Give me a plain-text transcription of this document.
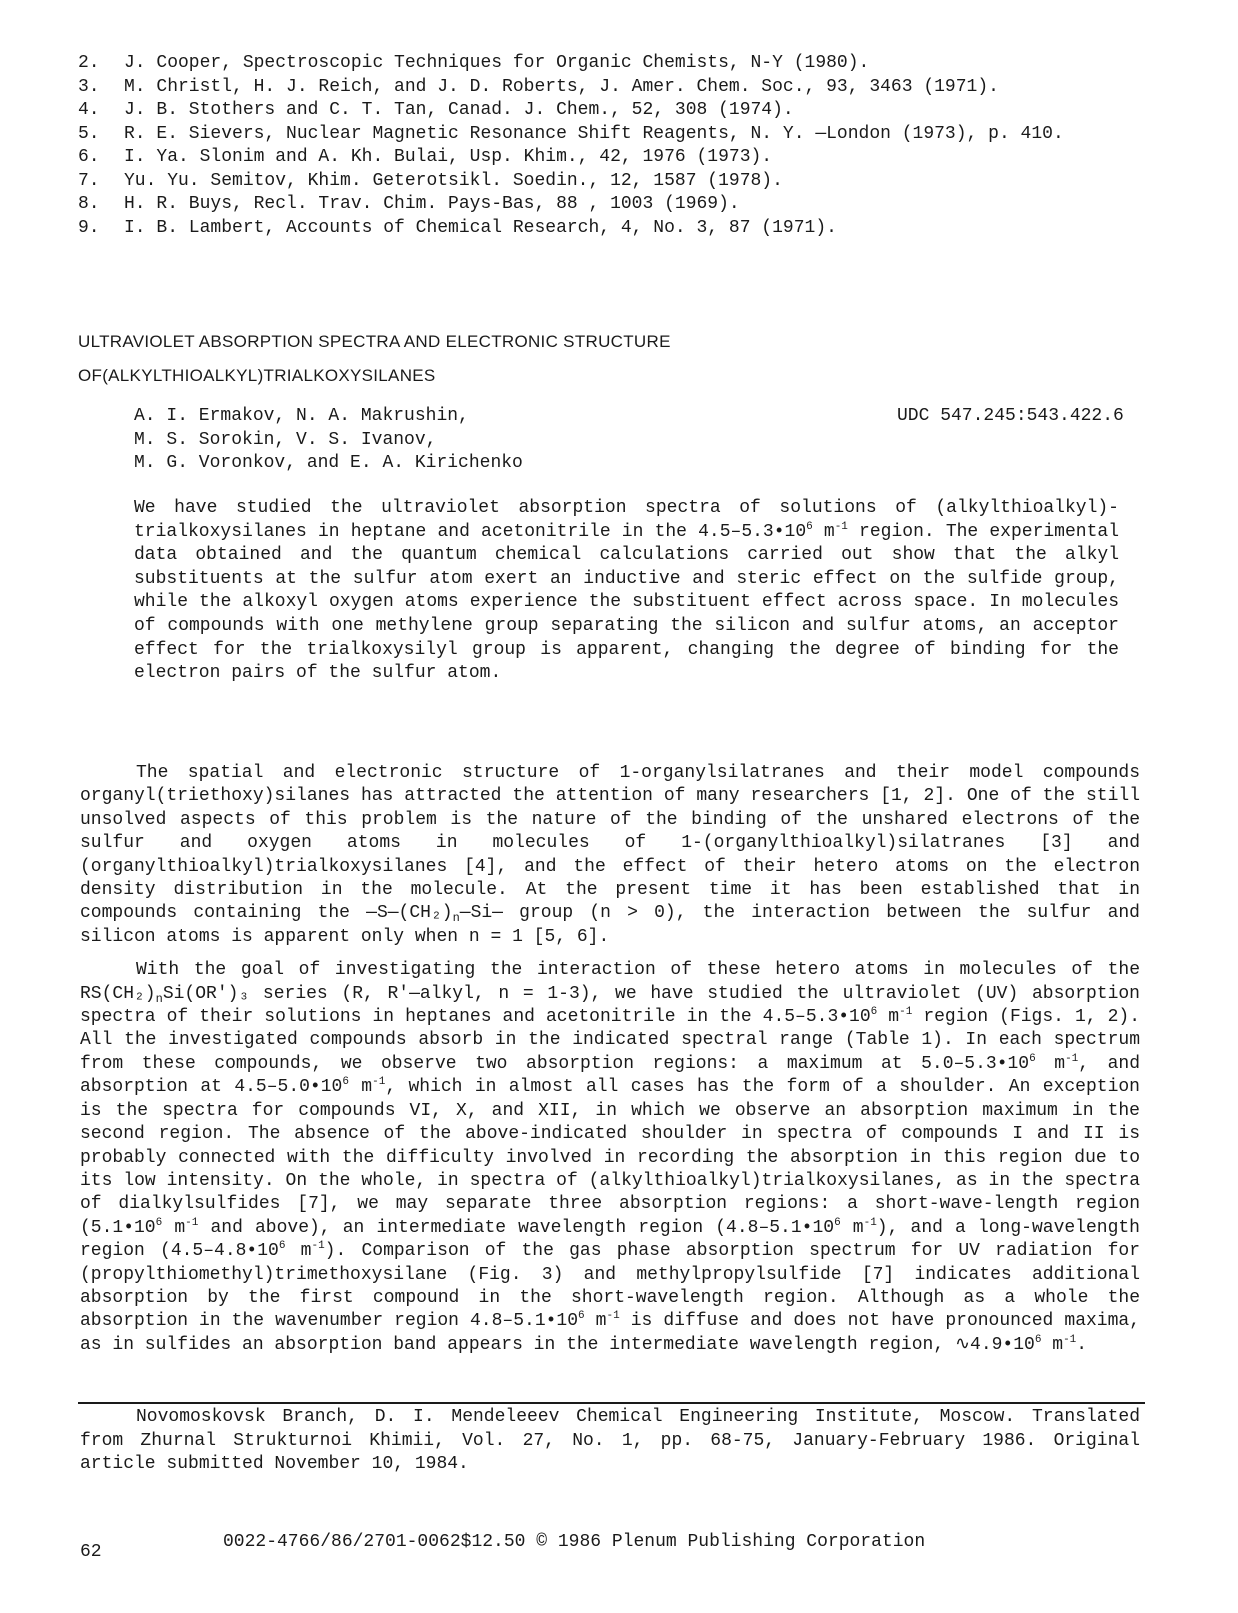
2.	J. Cooper, Spectroscopic Techniques for Organic Chemists, N-Y (1980).
3.	M. Christl, H. J. Reich, and J. D. Roberts, J. Amer. Chem. Soc., 93, 3463 (1971).
4.	J. B. Stothers and C. T. Tan, Canad. J. Chem., 52, 308 (1974).
5.	R. E. Sievers, Nuclear Magnetic Resonance Shift Reagents, N. Y. —London (1973), p. 410.
6.	I. Ya. Slonim and A. Kh. Bulai, Usp. Khim., 42, 1976 (1973).
7.	Yu. Yu. Semitov, Khim. Geterotsikl. Soedin., 12, 1587 (1978).
8.	H. R. Buys, Recl. Trav. Chim. Pays-Bas, 88 , 1003 (1969).
9.	I. B. Lambert, Accounts of Chemical Research, 4, No. 3, 87 (1971).
ULTRAVIOLET ABSORPTION SPECTRA AND ELECTRONIC STRUCTURE
OF(ALKYLTHIOALKYL)TRIALKOXYSILANES
A. I. Ermakov, N. A. Makrushin,
M. S. Sorokin, V. S. Ivanov,
M. G. Voronkov, and E. A. Kirichenko
UDC 547.245:543.422.6
We have studied the ultraviolet absorption spectra of solutions of (alkylthioalkyl)-trialkoxysilanes in heptane and acetonitrile in the $4.5-5.3•10^6$ $m^{-1}$ region. The experimental data obtained and the quantum chemical calculations carried out show that the alkyl substituents at the sulfur atom exert an inductive and steric effect on the sulfide group, while the alkoxyl oxygen atoms experience the substituent effect across space. In molecules of compounds with one methylene group separating the silicon and sulfur atoms, an acceptor effect for the trialkoxysilyl group is apparent, changing the degree of binding for the electron pairs of the sulfur atom.

The spatial and electronic structure of 1-organylsilatranes and their model compounds organyl(triethoxy)silanes has attracted the attention of many researchers [1, 2]. One of the still unsolved aspects of this problem is the nature of the binding of the unshared electrons of the sulfur and oxygen atoms in molecules of 1-(organylthioalkyl)silatranes [3] and (organylthioalkyl)trialkoxysilanes [4], and the effect of their hetero atoms on the electron density distribution in the molecule. At the present time it has been established that in compounds containing the $—S—(CH_2)_n—Si—$ group (n > 0), the interaction between the sulfur and silicon atoms is apparent only when n = 1 [5, 6].

With the goal of investigating the interaction of these hetero atoms in molecules of the $RS(CH_2)_nSi(OR')_3$ series (R, R'—alkyl, n = 1-3), we have studied the ultraviolet (UV) absorption spectra of their solutions in heptanes and acetonitrile in the $4.5-5.3•10^6$ $m^{-1}$ region (Figs. 1, 2). All the investigated compounds absorb in the indicated spectral range (Table 1). In each spectrum from these compounds, we observe two absorption regions: a maximum at $5.0-5.3•10^6$ $m^{-1}$, and absorption at $4.5-5.0•10^6$ $m^{-1}$, which in almost all cases has the form of a shoulder. An exception is the spectra for compounds VI, X, and XII, in which we observe an absorption maximum in the second region. The absence of the above-indicated shoulder in spectra of compounds I and II is probably connected with the difficulty involved in recording the absorption in this region due to its low intensity. On the whole, in spectra of (alkylthioalkyl)trialkoxysilanes, as in the spectra of dialkylsulfides [7], we may separate three absorption regions: a short-wave-length region ($5.1•10^6$ $m^{-1}$ and above), an intermediate wavelength region ($4.8-5.1•10^6$ $m^{-1}$), and a long-wavelength region ($4.5-4.8•10^6$ $m^{-1}$). Comparison of the gas phase absorption spectrum for UV radiation for (propylthiomethyl)trimethoxysilane (Fig. 3) and methylpropylsulfide [7] indicates additional absorption by the first compound in the short-wavelength region. Although as a whole the absorption in the wavenumber region $4.8-5.1•10^6$ $m^{-1}$ is diffuse and does not have pronounced maxima, as in sulfides an absorption band appears in the intermediate wavelength region, $∿4.9•10^6$ $m^{-1}$.

Novomoskovsk Branch, D. I. Mendeleeev Chemical Engineering Institute, Moscow. Translated from Zhurnal Strukturnoi Khimii, Vol. 27, No. 1, pp. 68-75, January-February 1986. Original article submitted November 10, 1984.
62	0022-4766/86/2701-0062$12.50 © 1986 Plenum Publishing Corporation
